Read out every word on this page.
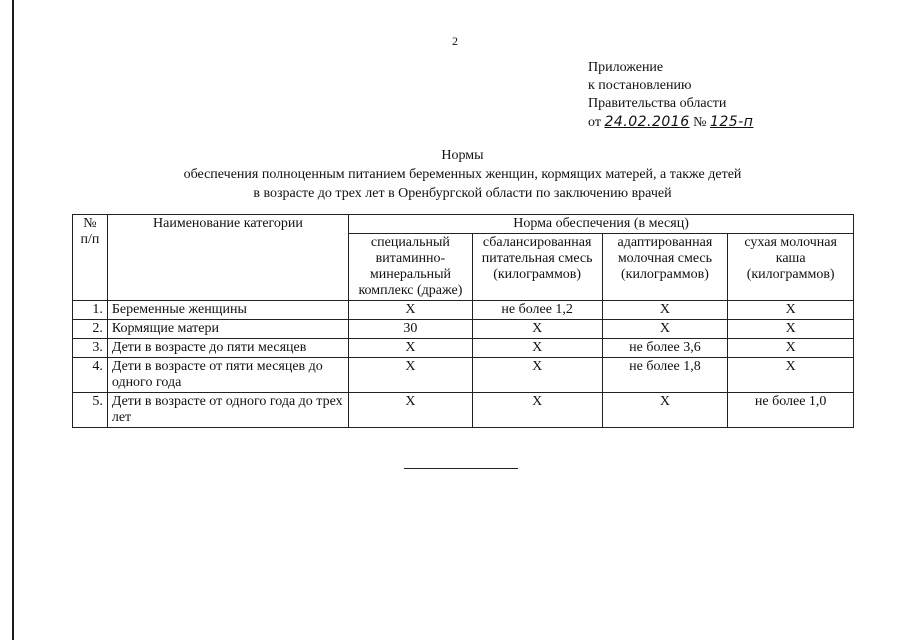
2
Приложение
к постановлению
Правительства области
от 24.02.2016 № 125-п
Нормы
обеспечения полноценным питанием беременных женщин, кормящих матерей, а также детей
в возрасте до трех лет в Оренбургской области по заключению врачей
№ п/п	Наименование категории	Норма обеспечения (в месяц)			
		специальный витаминно-минеральный комплекс (драже)	сбалансированная питательная смесь (килограммов)	адаптированная молочная смесь (килограммов)	сухая молочная каша (килограммов)
1.	Беременные женщины	X	не более 1,2	X	X
2.	Кормящие матери	30	X	X	X
3.	Дети в возрасте до пяти месяцев	X	X	не более 3,6	X
4.	Дети в возрасте от пяти месяцев до одного года	X	X	не более 1,8	X
5.	Дети в возрасте от одного года до трех лет	X	X	X	не более 1,0
